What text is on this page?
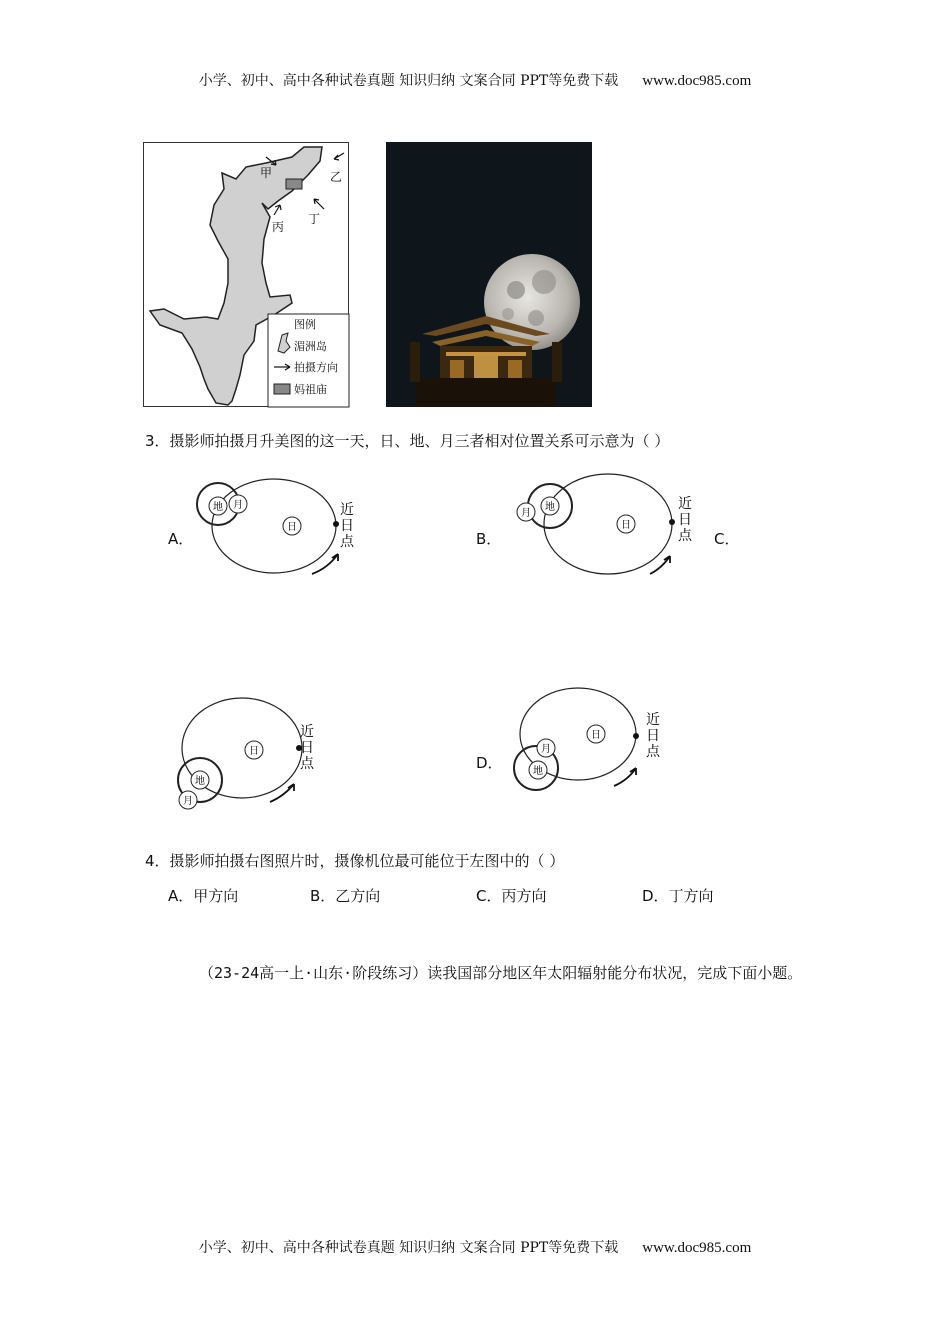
小学、初中、高中各种试卷真题 知识归纳 文案合同 PPT等免费下载 www.doc985.com
甲	乙
丙
丁
图例
湄洲岛
拍摄方向
妈祖庙
3．摄影师拍摄月升美图的这一天，日、地、月三者相对位置关系可示意为（ ）
A．
日
地 月	近
日
点	B．
日
地
月
近
日
点 C．
日
地
月
近
日
点	D．
日
月
地
近
日
点
4．摄影师拍摄右图照片时，摄像机位最可能位于左图中的（ ）
A．甲方向	B．乙方向	C．丙方向	D．丁方向
（23-24高一上·山东·阶段练习）读我国部分地区年太阳辐射能分布状况，完成下面小题。
小学、初中、高中各种试卷真题 知识归纳 文案合同 PPT等免费下载 www.doc985.com
